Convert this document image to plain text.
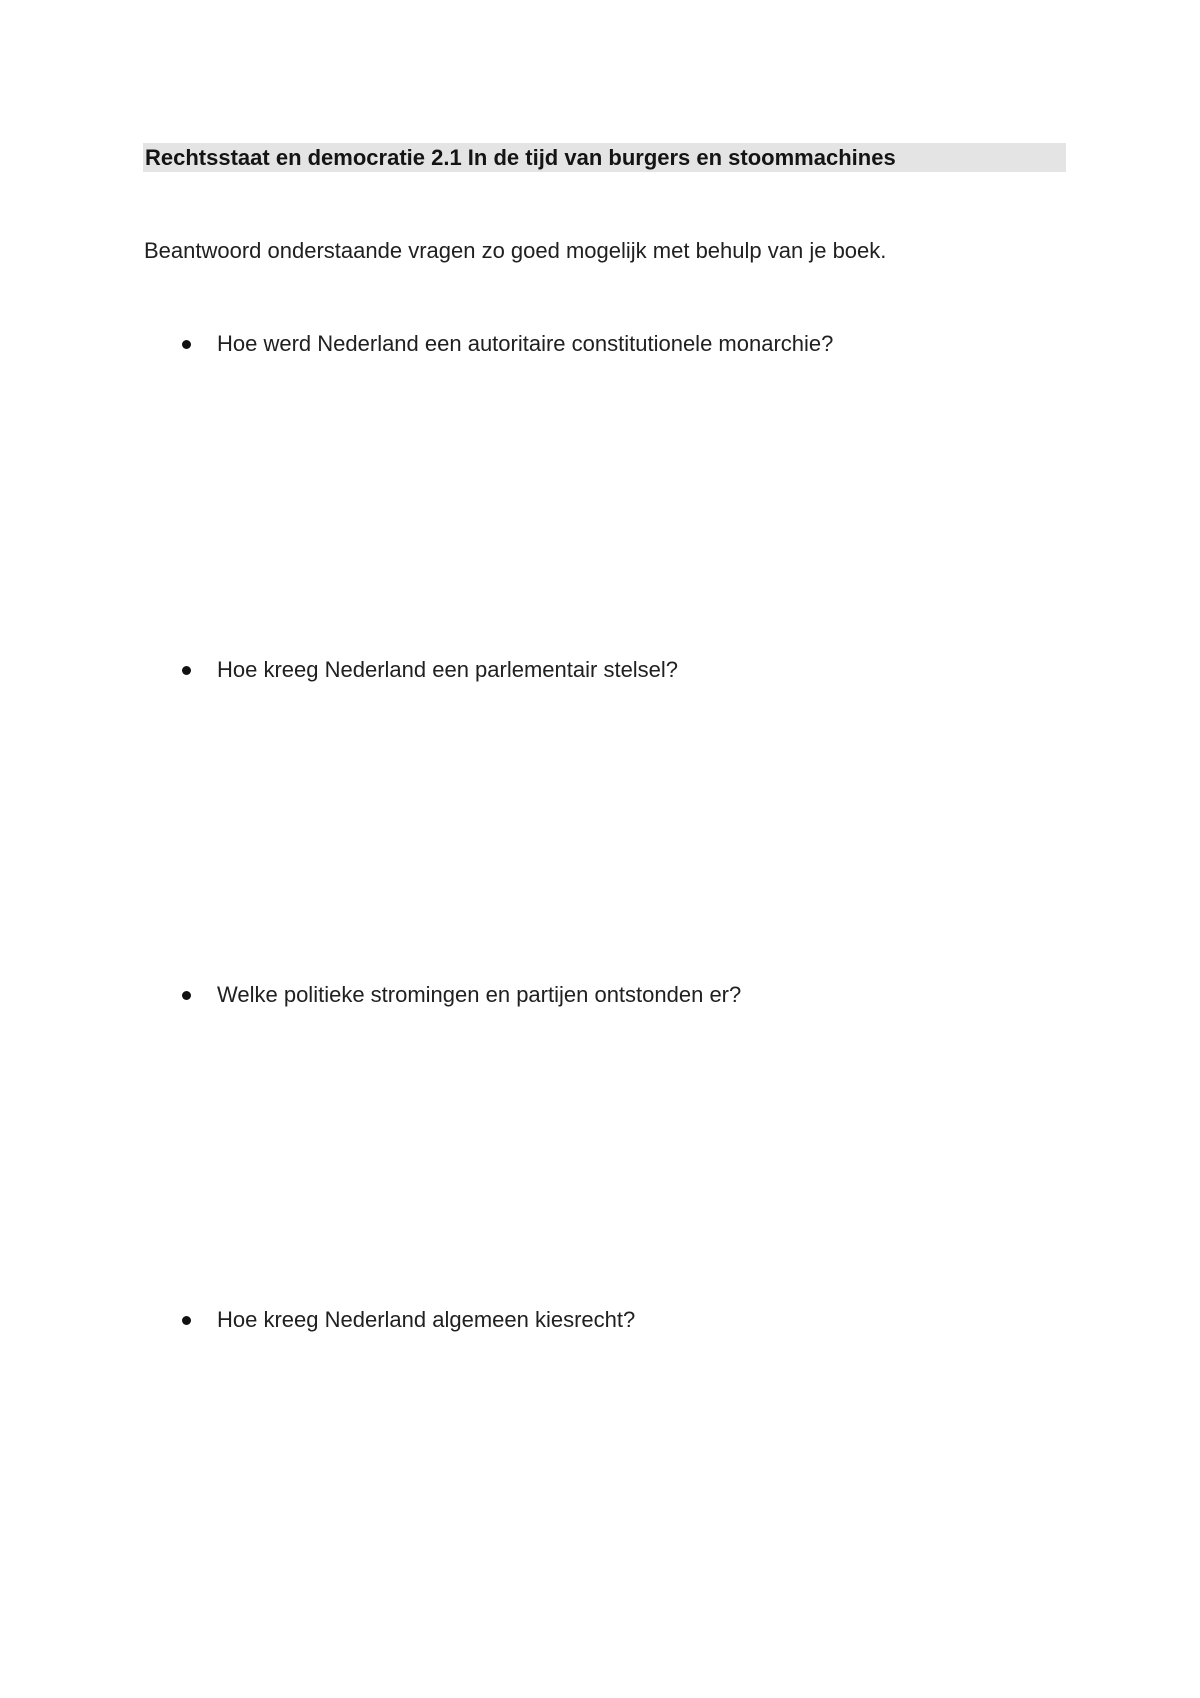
Rechtsstaat en democratie 2.1 In de tijd van burgers en stoommachines
Beantwoord onderstaande vragen zo goed mogelijk met behulp van je boek.
Hoe werd Nederland een autoritaire constitutionele monarchie?
Hoe kreeg Nederland een parlementair stelsel?
Welke politieke stromingen en partijen ontstonden er?
Hoe kreeg Nederland algemeen kiesrecht?
